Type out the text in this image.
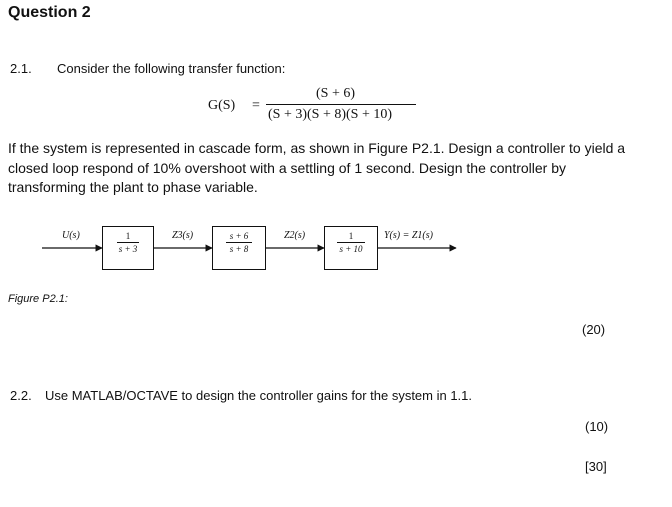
Question 2
2.1. Consider the following transfer function:
G(S) =
(S + 6)
(S + 3)(S + 8)(S + 10)
If the system is represented in cascade form, as shown in Figure P2.1. Design a controller to yield a closed loop respond of 10% overshoot with a settling of 1 second. Design the controller by transforming the plant to phase variable.
U(s)	Z3(s)	Z2(s)	Y(s) = Z1(s)
1
s + 3
s + 6
s + 8
1
s + 10
Figure P2.1:
(20)
2.2. Use MATLAB/OCTAVE to design the controller gains for the system in 1.1.
(10)
[30]
